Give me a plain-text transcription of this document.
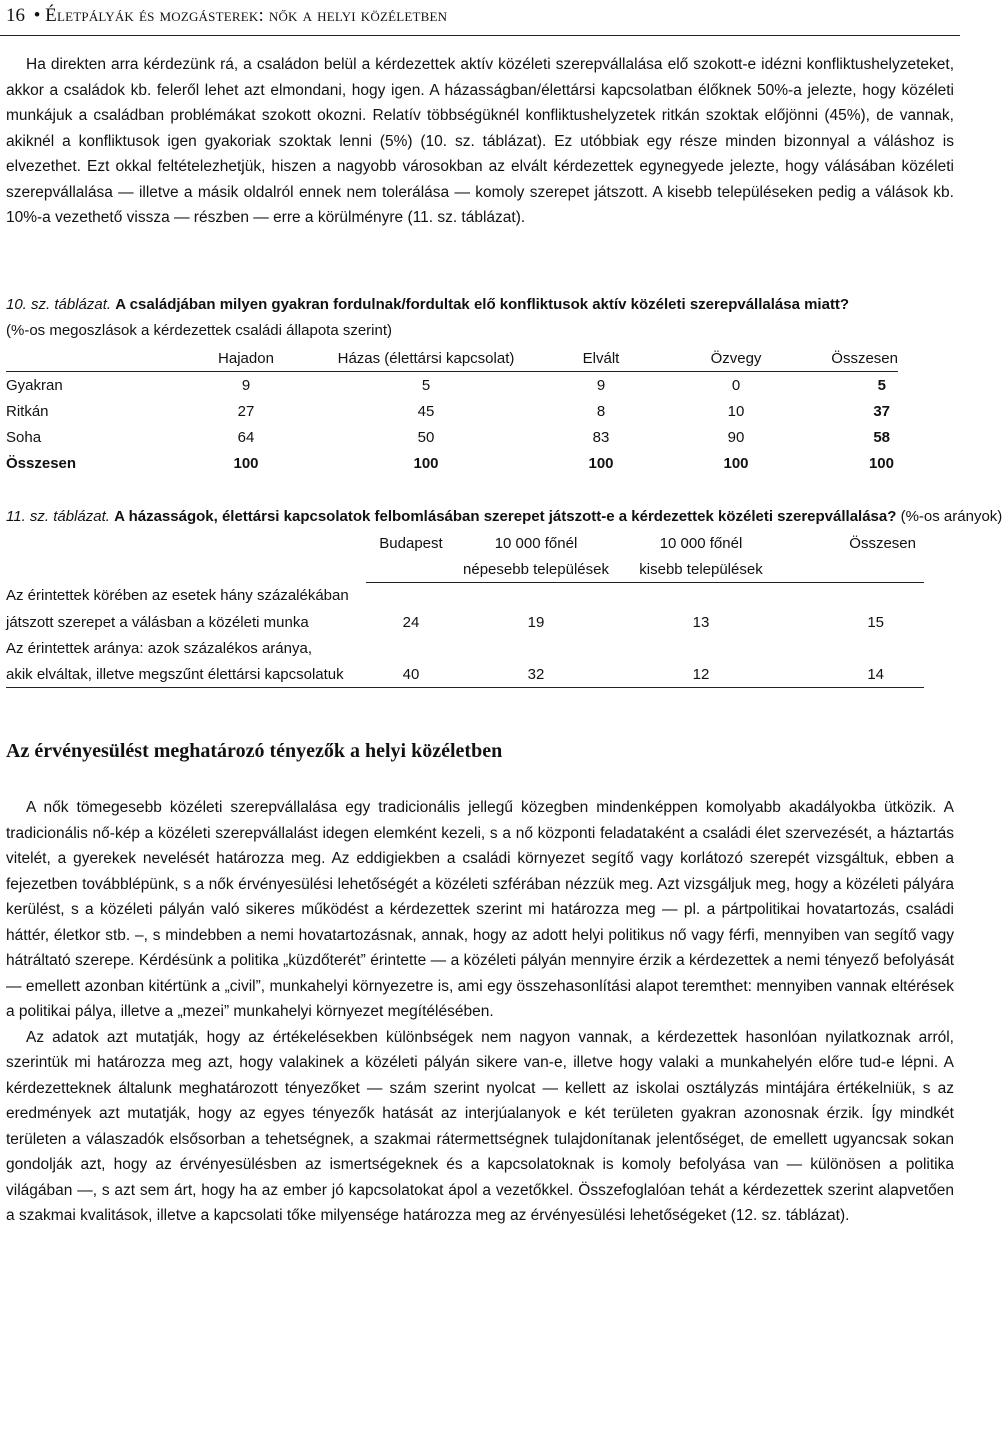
16 • Életpályák és mozgásterek: nők a helyi közéletben

Ha direkten arra kérdezünk rá, a családon belül a kérdezettek aktív közéleti szerepvállalása elő szokott-e idézni konfliktushelyzeteket, akkor a családok kb. feleről lehet azt elmondani, hogy igen. A házasságban/élettársi kapcsolatban élőknek 50%-a jelezte, hogy közéleti munkájuk a családban problémákat szokott okozni. Relatív többségüknél konfliktushelyzetek ritkán szoktak előjönni (45%), de vannak, akiknél a konfliktusok igen gyakoriak szoktak lenni (5%) (10. sz. táblázat). Ez utóbbiak egy része minden bizonnyal a váláshoz is elvezethet. Ezt okkal feltételezhetjük, hiszen a nagyobb városokban az elvált kérdezettek egynegyede jelezte, hogy válásában közéleti szerepvállalása — illetve a másik oldalról ennek nem tolerálása — komoly szerepet játszott. A kisebb településeken pedig a válások kb. 10%-a vezethető vissza — részben — erre a körülményre (11. sz. táblázat).

10. sz. táblázat. A családjában milyen gyakran fordulnak/fordultak elő konfliktusok aktív közéleti szerepvállalása miatt?
(%-os megoszlások a kérdezettek családi állapota szerint)
	Hajadon	Házas (élettársi kapcsolat)	Elvált	Özvegy	Összesen
Gyakran	9	5	9	0	5
Ritkán	27	45	8	10	37
Soha	64	50	83	90	58
Összesen	100	100	100	100	100
11. sz. táblázat. A házasságok, élettársi kapcsolatok felbomlásában szerepet játszott-e a kérdezettek közéleti szerepvállalása? (%-os arányok)
	Budapest	10 000 főnél	10 000 főnél	Összesen
		népesebb települések	kisebb települések	
Az érintettek körében az esetek hány százalékában				
játszott szerepet a válásban a közéleti munka	24	19	13	15
Az érintettek aránya: azok százalékos aránya,				
akik elváltak, illetve megszűnt élettársi kapcsolatuk	40	32	12	14
Az érvényesülést meghatározó tényezők a helyi közéletben

A nők tömegesebb közéleti szerepvállalása egy tradicionális jellegű közegben mindenképpen komolyabb akadályokba ütközik. A tradicionális nő-kép a közéleti szerepvállalást idegen elemként kezeli, s a nő központi feladataként a családi élet szervezését, a háztartás vitelét, a gyerekek nevelését határozza meg. Az eddigiekben a családi környezet segítő vagy korlátozó szerepét vizsgáltuk, ebben a fejezetben továbblépünk, s a nők érvényesülési lehetőségét a közéleti szférában nézzük meg. Azt vizsgáljuk meg, hogy a közéleti pályára kerülést, s a közéleti pályán való sikeres működést a kérdezettek szerint mi határozza meg — pl. a pártpolitikai hovatartozás, családi háttér, életkor stb. –, s mindebben a nemi hovatartozásnak, annak, hogy az adott helyi politikus nő vagy férfi, mennyiben van segítő vagy hátráltató szerepe. Kérdésünk a politika „küzdőterét” érintette — a közéleti pályán mennyire érzik a kérdezettek a nemi tényező befolyását — emellett azonban kitértünk a „civil”, munkahelyi környezetre is, ami egy összehasonlítási alapot teremthet: mennyiben vannak eltérések a politikai pálya, illetve a „mezei” munkahelyi környezet megítélésében.

Az adatok azt mutatják, hogy az értékelésekben különbségek nem nagyon vannak, a kérdezettek hasonlóan nyilatkoznak arról, szerintük mi határozza meg azt, hogy valakinek a közéleti pályán sikere van-e, illetve hogy valaki a munkahelyén előre tud-e lépni. A kérdezetteknek általunk meghatározott tényezőket — szám szerint nyolcat — kellett az iskolai osztályzás mintájára értékelniük, s az eredmények azt mutatják, hogy az egyes tényezők hatását az interjúalanyok e két területen gyakran azonosnak érzik. Így mindkét területen a válaszadók elsősorban a tehetségnek, a szakmai rátermettségnek tulajdonítanak jelentőséget, de emellett ugyancsak sokan gondolják azt, hogy az érvényesülésben az ismertségeknek és a kapcsolatoknak is komoly befolyása van — különösen a politika világában —, s azt sem árt, hogy ha az ember jó kapcsolatokat ápol a vezetőkkel. Összefoglalóan tehát a kérdezettek szerint alapvetően a szakmai kvalitások, illetve a kapcsolati tőke milyensége határozza meg az érvényesülési lehetőségeket (12. sz. táblázat).
